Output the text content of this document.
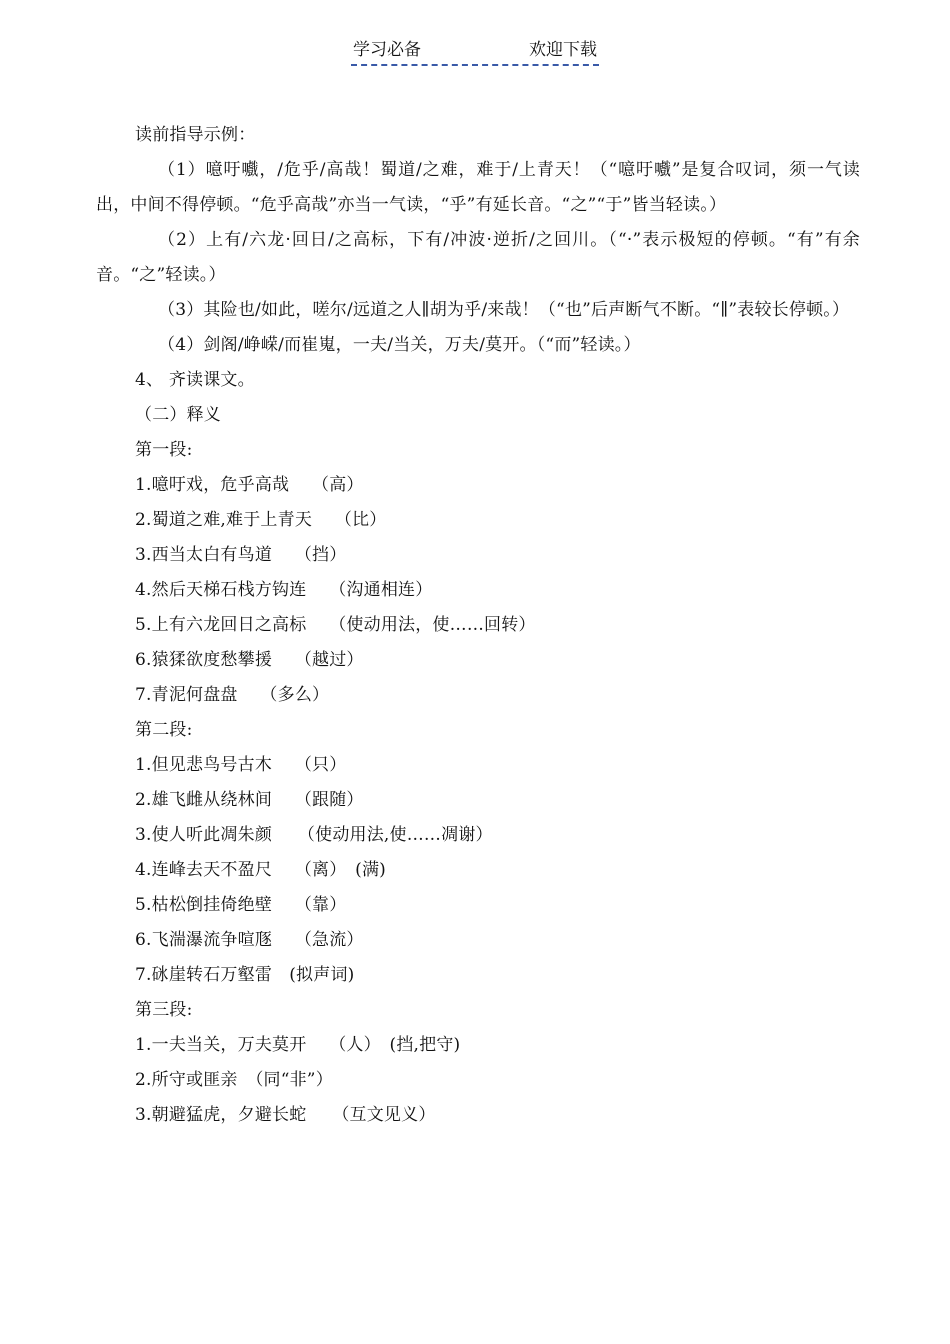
学习必备	欢迎下载
读前指导示例：
（1）噫吁嚱，/危乎/高哉！蜀道/之难，难于/上青天！（“噫吁嚱”是复合叹词，须一气读出，中间不得停顿。“危乎高哉”亦当一气读，“乎”有延长音。“之”“于”皆当轻读。）
（2）上有/六龙·回日/之高标，下有/冲波·逆折/之回川。（“·”表示极短的停顿。“有”有余音。“之”轻读。）
（3）其险也/如此，嗟尔/远道之人∥胡为乎/来哉！（“也”后声断气不断。“∥”表较长停顿。）
（4）剑阁/峥嵘/而崔嵬，一夫/当关，万夫/莫开。（“而”轻读。）
4、 齐读课文。
（二）释义
第一段:
1.噫吁戏，危乎高哉　 （高）
2.蜀道之难,难于上青天　 （比）
3.西当太白有鸟道　 （挡）
4.然后天梯石栈方钩连　 （沟通相连）
5.上有六龙回日之高标　 （使动用法，使……回转）
6.猿猱欲度愁攀援　 （越过）
7.青泥何盘盘　 （多么）
第二段:
1.但见悲鸟号古木　 （只）
2.雄飞雌从绕林间　 （跟随）
3.使人听此凋朱颜　　（使动用法,使……凋谢）
4.连峰去天不盈尺　 （离）　(满)
5.枯松倒挂倚绝壁　 （靠）
6.飞湍瀑流争喧豗　 （急流）
7.砯崖转石万壑雷　(拟声词)
第三段:
1.一夫当关，万夫莫开　 （人）　(挡,把守)
2.所守或匪亲　（同“非”）
3.朝避猛虎，夕避长蛇　　（互文见义）
